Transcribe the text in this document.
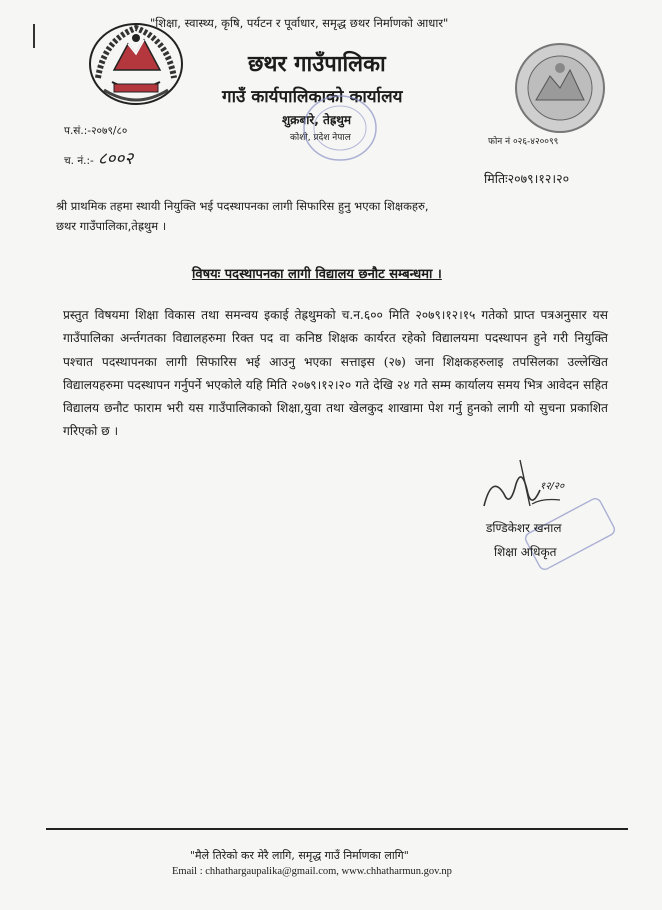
"शिक्षा, स्वास्थ्य, कृषि, पर्यटन र पूर्वाधार, समृद्ध छथर निर्माणको आधार"
छथर गाउँपालिका
गाउँ कार्यपालिकाको कार्यालय
शुक्रबारे, तेह्रथुम
कोशी, प्रदेश नेपाल
प.सं.:-२०७९/८०
च. नं.:- ८००२
फोन नं ०२६-४२००९९
मितिः२०७९।१२।२०
श्री प्राथमिक तहमा स्थायी नियुक्ति भई पदस्थापनका लागी सिफारिस हुनु भएका शिक्षकहरु,
छथर गाउँपालिका,तेह्रथुम ।
विषयः पदस्थापनका लागी विद्यालय छनौट सम्बन्धमा ।
प्रस्तुत विषयमा शिक्षा विकास तथा समन्वय इकाई तेह्रथुमको च.न.६०० मिति २०७९।१२।१५ गतेको प्राप्त पत्रअनुसार यस गाउँपालिका अर्न्तगतका विद्यालहरुमा रिक्त पद वा कनिष्ठ शिक्षक कार्यरत रहेको विद्यालयमा पदस्थापन हुने गरी नियुक्ति पश्चात पदस्थापनका लागी सिफारिस भई आउनु भएका सत्ताइस (२७) जना शिक्षकहरुलाइ तपसिलका उल्लेखित विद्यालयहरुमा पदस्थापन गर्नुपर्ने भएकोले यहि मिति २०७९।१२।२० गते देखि २४ गते सम्म कार्यालय समय भित्र आवेदन सहित विद्यालय छनौट फाराम भरी यस गाउँपालिकाको शिक्षा,युवा तथा खेलकुद शाखामा पेश गर्नु हुनको लागी यो सुचना प्रकाशित गरिएको छ ।
१२/२०
डण्डिकेशर खनाल
शिक्षा अधिकृत
"मैले तिरेको कर मेरै लागि, समृद्ध गाउँ निर्माणका लागि"
Email : chhathargaupalika@gmail.com, www.chhatharmun.gov.np
